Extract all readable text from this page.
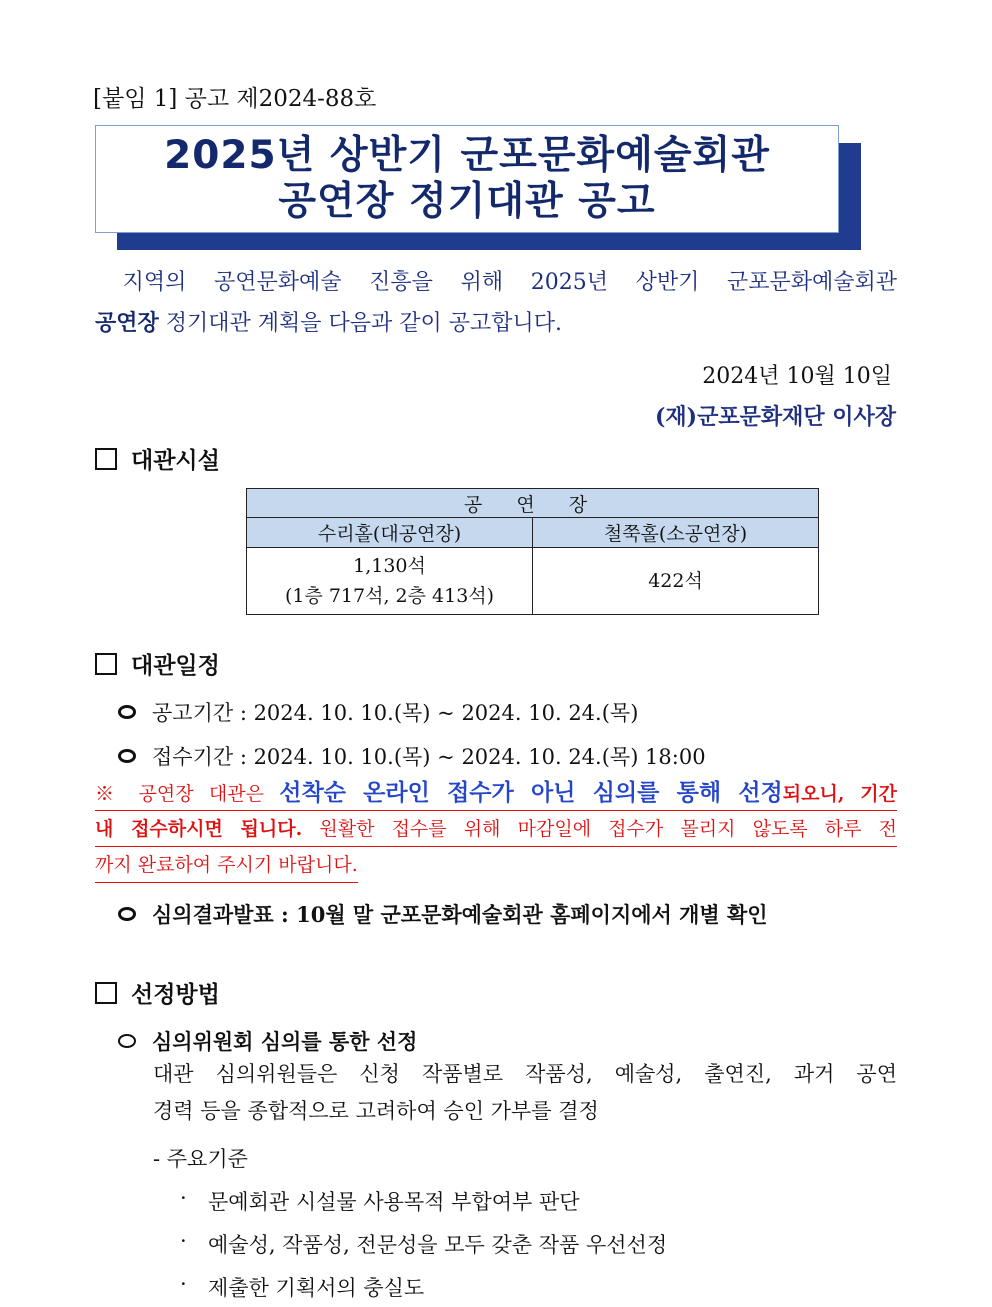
[붙임 1] 공고 제2024-88호
2025년 상반기 군포문화예술회관
공연장 정기대관 공고
지역의 공연문화예술 진흥을 위해 2025년 상반기 군포문화예술회관
공연장 정기대관 계획을 다음과 같이 공고합니다.
2024년 10월 10일
(재)군포문화재단 이사장
대관시설
공 연 장	
수리홀(대공연장)	철쭉홀(소공연장)

1,130석
(1층 717석, 2층 413석)	422석
대관일정
공고기간 : 2024. 10. 10.(목) ~ 2024. 10. 24.(목)
접수기간 : 2024. 10. 10.(목) ~ 2024. 10. 24.(목) 18:00
※ 공연장 대관은 선착순 온라인 접수가 아닌 심의를 통해 선정되오니, 기간
내 접수하시면 됩니다. 원활한 접수를 위해 마감일에 접수가 몰리지 않도록 하루 전
까지 완료하여 주시기 바랍니다.
심의결과발표 : 10월 말 군포문화예술회관 홈페이지에서 개별 확인
선정방법
심의위원회 심의를 통한 선정
대관 심의위원들은 신청 작품별로 작품성, 예술성, 출연진, 과거 공연
경력 등을 종합적으로 고려하여 승인 가부를 결정
- 주요기준
·	문예회관 시설물 사용목적 부합여부 판단
·	예술성, 작품성, 전문성을 모두 갖춘 작품 우선선정
·	제출한 기획서의 충실도
